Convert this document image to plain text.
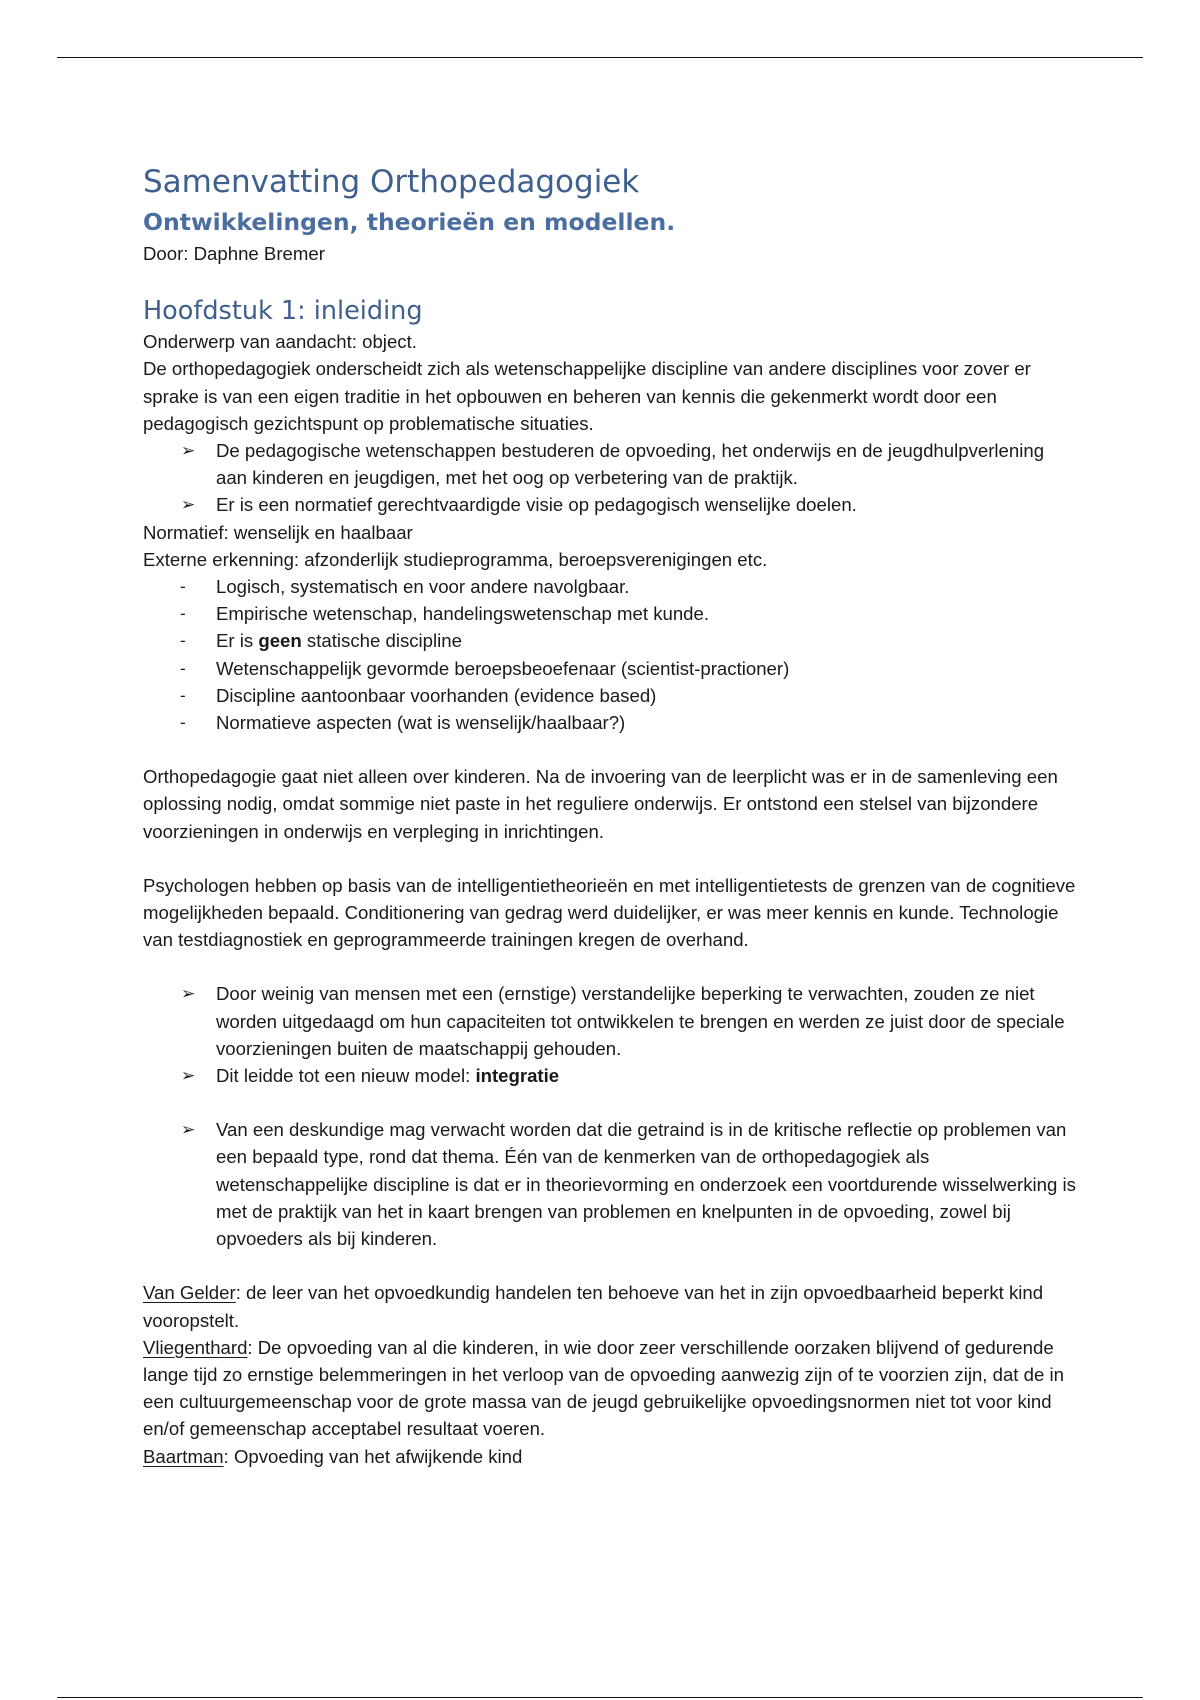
Samenvatting Orthopedagogiek
Ontwikkelingen, theorieën en modellen.

Door: Daphne Bremer

Hoofdstuk 1: inleiding

Onderwerp van aandacht: object.

De orthopedagogiek onderscheidt zich als wetenschappelijke discipline van andere disciplines voor zover er sprake is van een eigen traditie in het opbouwen en beheren van kennis die gekenmerkt wordt door een pedagogisch gezichtspunt op problematische situaties.

➢ De pedagogische wetenschappen bestuderen de opvoeding, het onderwijs en de jeugdhulpverlening aan kinderen en jeugdigen, met het oog op verbetering van de praktijk.
➢ Er is een normatief gerechtvaardigde visie op pedagogisch wenselijke doelen.

Normatief: wenselijk en haalbaar

Externe erkenning: afzonderlijk studieprogramma, beroepsverenigingen etc.

- Logisch, systematisch en voor andere navolgbaar.
- Empirische wetenschap, handelingswetenschap met kunde.
- Er is geen statische discipline
- Wetenschappelijk gevormde beroepsbeoefenaar (scientist-practioner)
- Discipline aantoonbaar voorhanden (evidence based)
- Normatieve aspecten (wat is wenselijk/haalbaar?)

Orthopedagogie gaat niet alleen over kinderen. Na de invoering van de leerplicht was er in de samenleving een oplossing nodig, omdat sommige niet paste in het reguliere onderwijs. Er ontstond een stelsel van bijzondere voorzieningen in onderwijs en verpleging in inrichtingen.

Psychologen hebben op basis van de intelligentietheorieën en met intelligentietests de grenzen van de cognitieve mogelijkheden bepaald. Conditionering van gedrag werd duidelijker, er was meer kennis en kunde. Technologie van testdiagnostiek en geprogrammeerde trainingen kregen de overhand.

➢ Door weinig van mensen met een (ernstige) verstandelijke beperking te verwachten, zouden ze niet worden uitgedaagd om hun capaciteiten tot ontwikkelen te brengen en werden ze juist door de speciale voorzieningen buiten de maatschappij gehouden.
➢ Dit leidde tot een nieuw model: integratie
➢ Van een deskundige mag verwacht worden dat die getraind is in de kritische reflectie op problemen van een bepaald type, rond dat thema. Één van de kenmerken van de orthopedagogiek als wetenschappelijke discipline is dat er in theorievorming en onderzoek een voortdurende wisselwerking is met de praktijk van het in kaart brengen van problemen en knelpunten in de opvoeding, zowel bij opvoeders als bij kinderen.

Van Gelder: de leer van het opvoedkundig handelen ten behoeve van het in zijn opvoedbaarheid beperkt kind vooropstelt.

Vliegenthard: De opvoeding van al die kinderen, in wie door zeer verschillende oorzaken blijvend of gedurende lange tijd zo ernstige belemmeringen in het verloop van de opvoeding aanwezig zijn of te voorzien zijn, dat de in een cultuurgemeenschap voor de grote massa van de jeugd gebruikelijke opvoedingsnormen niet tot voor kind en/of gemeenschap acceptabel resultaat voeren.

Baartman: Opvoeding van het afwijkende kind
